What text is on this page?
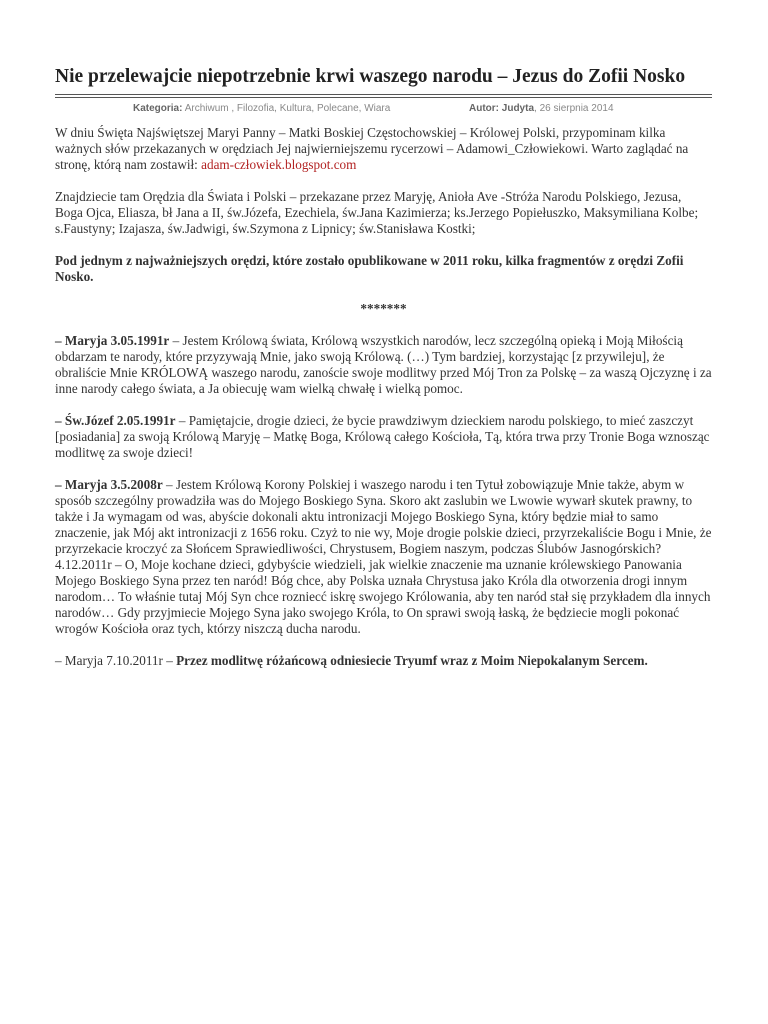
Nie przelewajcie niepotrzebnie krwi waszego narodu – Jezus do Zofii Nosko
Kategoria: Archiwum , Filozofia, Kultura, Polecane, Wiara	Autor: Judyta, 26 sierpnia 2014

W dniu Święta Najświętszej Maryi Panny – Matki Boskiej Częstochowskiej – Królowej Polski, przypominam kilka ważnych słów przekazanych w orędziach Jej najwierniejszemu rycerzowi – Adamowi_Człowiekowi. Warto zaglądać na stronę, którą nam zostawił: adam-człowiek.blogspot.com

Znajdziecie tam Orędzia dla Świata i Polski – przekazane przez Maryję, Anioła Ave -Stróża Narodu Polskiego, Jezusa, Boga Ojca, Eliasza, bł Jana a II, św.Józefa, Ezechiela, św.Jana Kazimierza; ks.Jerzego Popiełuszko, Maksymiliana Kolbe; s.Faustyny; Izajasza, św.Jadwigi, św.Szymona z Lipnicy; św.Stanisława Kostki;

Pod jednym z najważniejszych orędzi, które zostało opublikowane w 2011 roku, kilka fragmentów z orędzi Zofii Nosko.

*******

– Maryja 3.05.1991r – Jestem Królową świata, Królową wszystkich narodów, lecz szczególną opieką i Moją Miłością obdarzam te narody, które przyzywają Mnie, jako swoją Królową. (…) Tym bardziej, korzystając [z przywileju], że obraliście Mnie KRÓLOWĄ waszego narodu, zanoście swoje modlitwy przed Mój Tron za Polskę – za waszą Ojczyznę i za inne narody całego świata, a Ja obiecuję wam wielką chwałę i wielką pomoc.

– Św.Józef 2.05.1991r – Pamiętajcie, drogie dzieci, że bycie prawdziwym dzieckiem narodu polskiego, to mieć zaszczyt [posiadania] za swoją Królową Maryję – Matkę Boga, Królową całego Kościoła, Tą, która trwa przy Tronie Boga wznosząc modlitwę za swoje dzieci!

– Maryja 3.5.2008r – Jestem Królową Korony Polskiej i waszego narodu i ten Tytuł zobowiązuje Mnie także, abym w sposób szczególny prowadziła was do Mojego Boskiego Syna. Skoro akt zaslubin we Lwowie wywarł skutek prawny, to także i Ja wymagam od was, abyście dokonali aktu intronizacji Mojego Boskiego Syna, który będzie miał to samo znaczenie, jak Mój akt intronizacji z 1656 roku. Czyż to nie wy, Moje drogie polskie dzieci, przyrzekaliście Bogu i Mnie, że przyrzekacie kroczyć za Słońcem Sprawiedliwości, Chrystusem, Bogiem naszym, podczas Ślubów Jasnogórskich? 4.12.2011r – O, Moje kochane dzieci, gdybyście wiedzieli, jak wielkie znaczenie ma uznanie królewskiego Panowania Mojego Boskiego Syna przez ten naród! Bóg chce, aby Polska uznała Chrystusa jako Króla dla otworzenia drogi innym narodom… To właśnie tutaj Mój Syn chce rozniecć iskrę swojego Królowania, aby ten naród stał się przykładem dla innych narodów… Gdy przyjmiecie Mojego Syna jako swojego Króla, to On sprawi swoją łaską, że będziecie mogli pokonać wrogów Kościoła oraz tych, którzy niszczą ducha narodu.

– Maryja 7.10.2011r – Przez modlitwę różańcową odniesiecie Tryumf wraz z Moim Niepokalanym Sercem.
